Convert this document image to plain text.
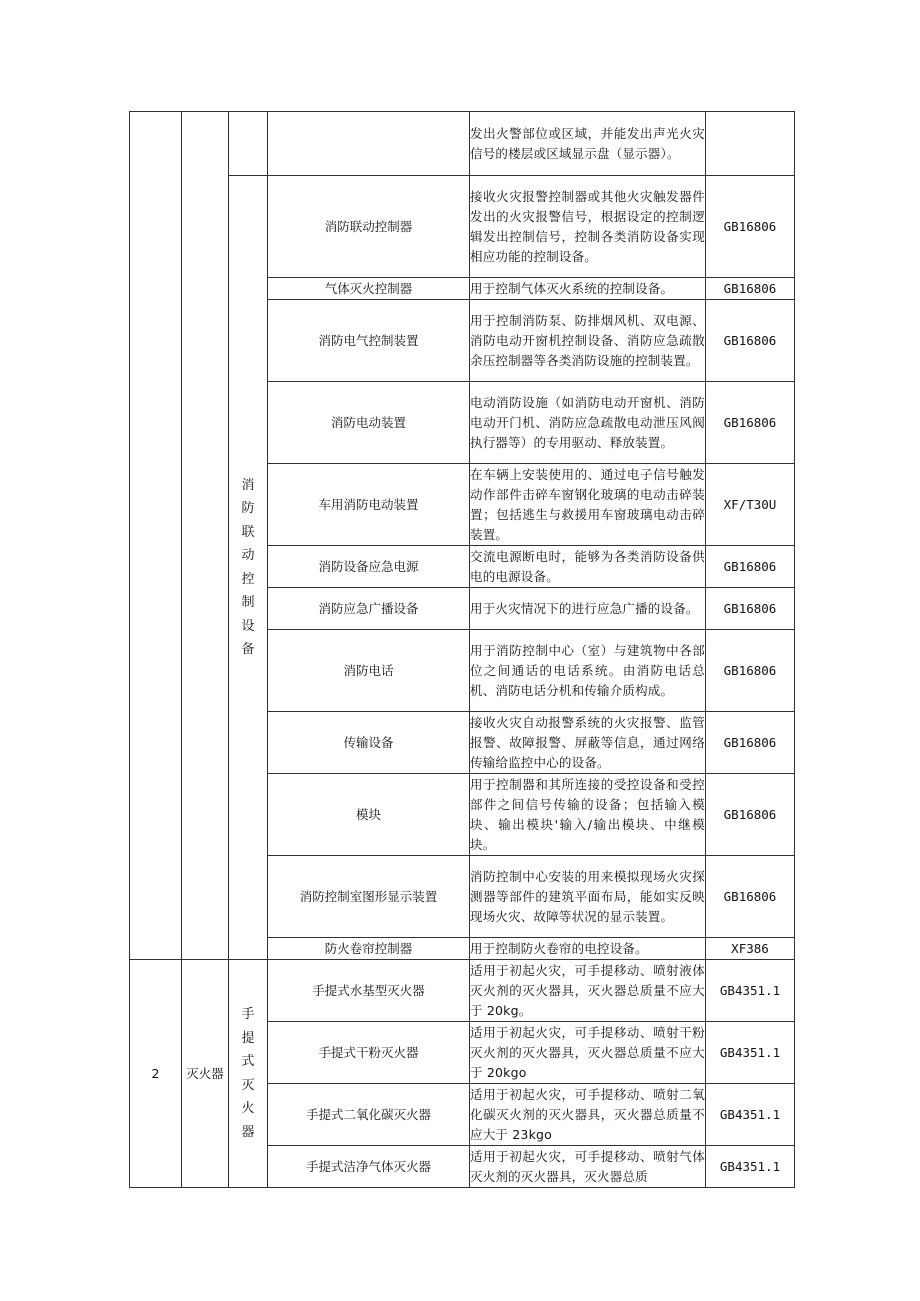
				发出火警部位或区域，并能发出声光火灾信号的楼层或区域显示盘（显示器）。	
		消防联动控制设备	消防联动控制器	接收火灾报警控制器或其他火灾触发器件发出的火灾报警信号，根据设定的控制逻辑发出控制信号，控制各类消防设备实现相应功能的控制设备。	GB16806
			气体灭火控制器	用于控制气体灭火系统的控制设备。	GB16806
			消防电气控制装置	用于控制消防泵、防排烟风机、双电源、消防电动开窗机控制设备、消防应急疏散余压控制器等各类消防设施的控制装置。	GB16806
			消防电动装置	电动消防设施（如消防电动开窗机、消防电动开门机、消防应急疏散电动泄压风阀执行器等）的专用驱动、释放装置。	GB16806
			车用消防电动装置	在车辆上安装使用的、通过电子信号触发动作部件击碎车窗钢化玻璃的电动击碎装置；包括逃生与救援用车窗玻璃电动击碎装置。	XF/T30U
			消防设备应急电源	交流电源断电时，能够为各类消防设备供电的电源设备。	GB16806
			消防应急广播设备	用于火灾情况下的进行应急广播的设备。	GB16806
			消防电话	用于消防控制中心（室）与建筑物中各部位之间通话的电话系统。由消防电话总机、消防电话分机和传输介质构成。	GB16806
			传输设备	接收火灾自动报警系统的火灾报警、监管报警、故障报警、屏蔽等信息，通过网络传输给监控中心的设备。	GB16806
			模块	用于控制器和其所连接的受控设备和受控部件之间信号传输的设备；包括输入模块、输出模块'输入/输出模块、中继模块。	GB16806
			消防控制室图形显示装置	消防控制中心安装的用来模拟现场火灾探测器等部件的建筑平面布局，能如实反映现场火灾、故障等状况的显示装置。	GB16806
			防火卷帘控制器	用于控制防火卷帘的电控设备。	XF386
2	灭火器	手提式灭火器	手提式水基型灭火器	适用于初起火灾，可手提移动、喷射液体灭火剂的灭火器具，灭火器总质量不应大于 20kg。	GB4351.1
			手提式干粉灭火器	适用于初起火灾，可手提移动、喷射干粉灭火剂的灭火器具，灭火器总质量不应大于 20kgo	GB4351.1
			手提式二氧化碳灭火器	适用于初起火灾，可手提移动、喷射二氧化碳灭火剂的灭火器具，灭火器总质量不应大于 23kgo	GB4351.1
			手提式洁净气体灭火器	适用于初起火灾，可手提移动、喷射气体灭火剂的灭火器具，灭火器总质	GB4351.1
